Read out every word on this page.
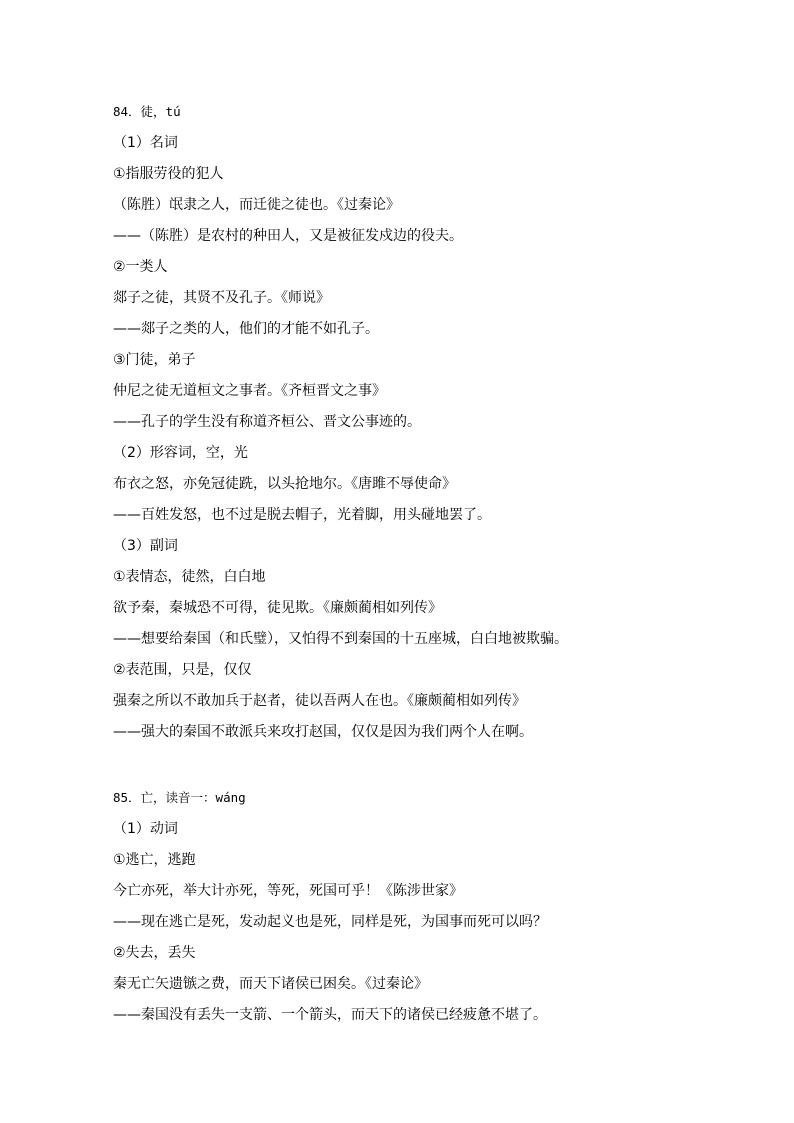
84．徒，tú
（1）名词
①指服劳役的犯人
（陈胜）氓隶之人，而迁徙之徒也。《过秦论》
——（陈胜）是农村的种田人，又是被征发戍边的役夫。
②一类人
郯子之徒，其贤不及孔子。《师说》
——郯子之类的人，他们的才能不如孔子。
③门徒，弟子
仲尼之徒无道桓文之事者。《齐桓晋文之事》
——孔子的学生没有称道齐桓公、晋文公事迹的。
（2）形容词，空，光
布衣之怒，亦免冠徒跣，以头抢地尔。《唐雎不辱使命》
——百姓发怒，也不过是脱去帽子，光着脚，用头碰地罢了。
（3）副词
①表情态，徒然，白白地
欲予秦，秦城恐不可得，徒见欺。《廉颇蔺相如列传》
——想要给秦国（和氏璧），又怕得不到秦国的十五座城，白白地被欺骗。
②表范围，只是，仅仅
强秦之所以不敢加兵于赵者，徒以吾两人在也。《廉颇蔺相如列传》
——强大的秦国不敢派兵来攻打赵国，仅仅是因为我们两个人在啊。
85．亡，读音一：wáng
（1）动词
①逃亡，逃跑
今亡亦死，举大计亦死，等死，死国可乎！《陈涉世家》
——现在逃亡是死，发动起义也是死，同样是死，为国事而死可以吗？
②失去，丢失
秦无亡矢遗镞之费，而天下诸侯已困矣。《过秦论》
——秦国没有丢失一支箭、一个箭头，而天下的诸侯已经疲惫不堪了。
